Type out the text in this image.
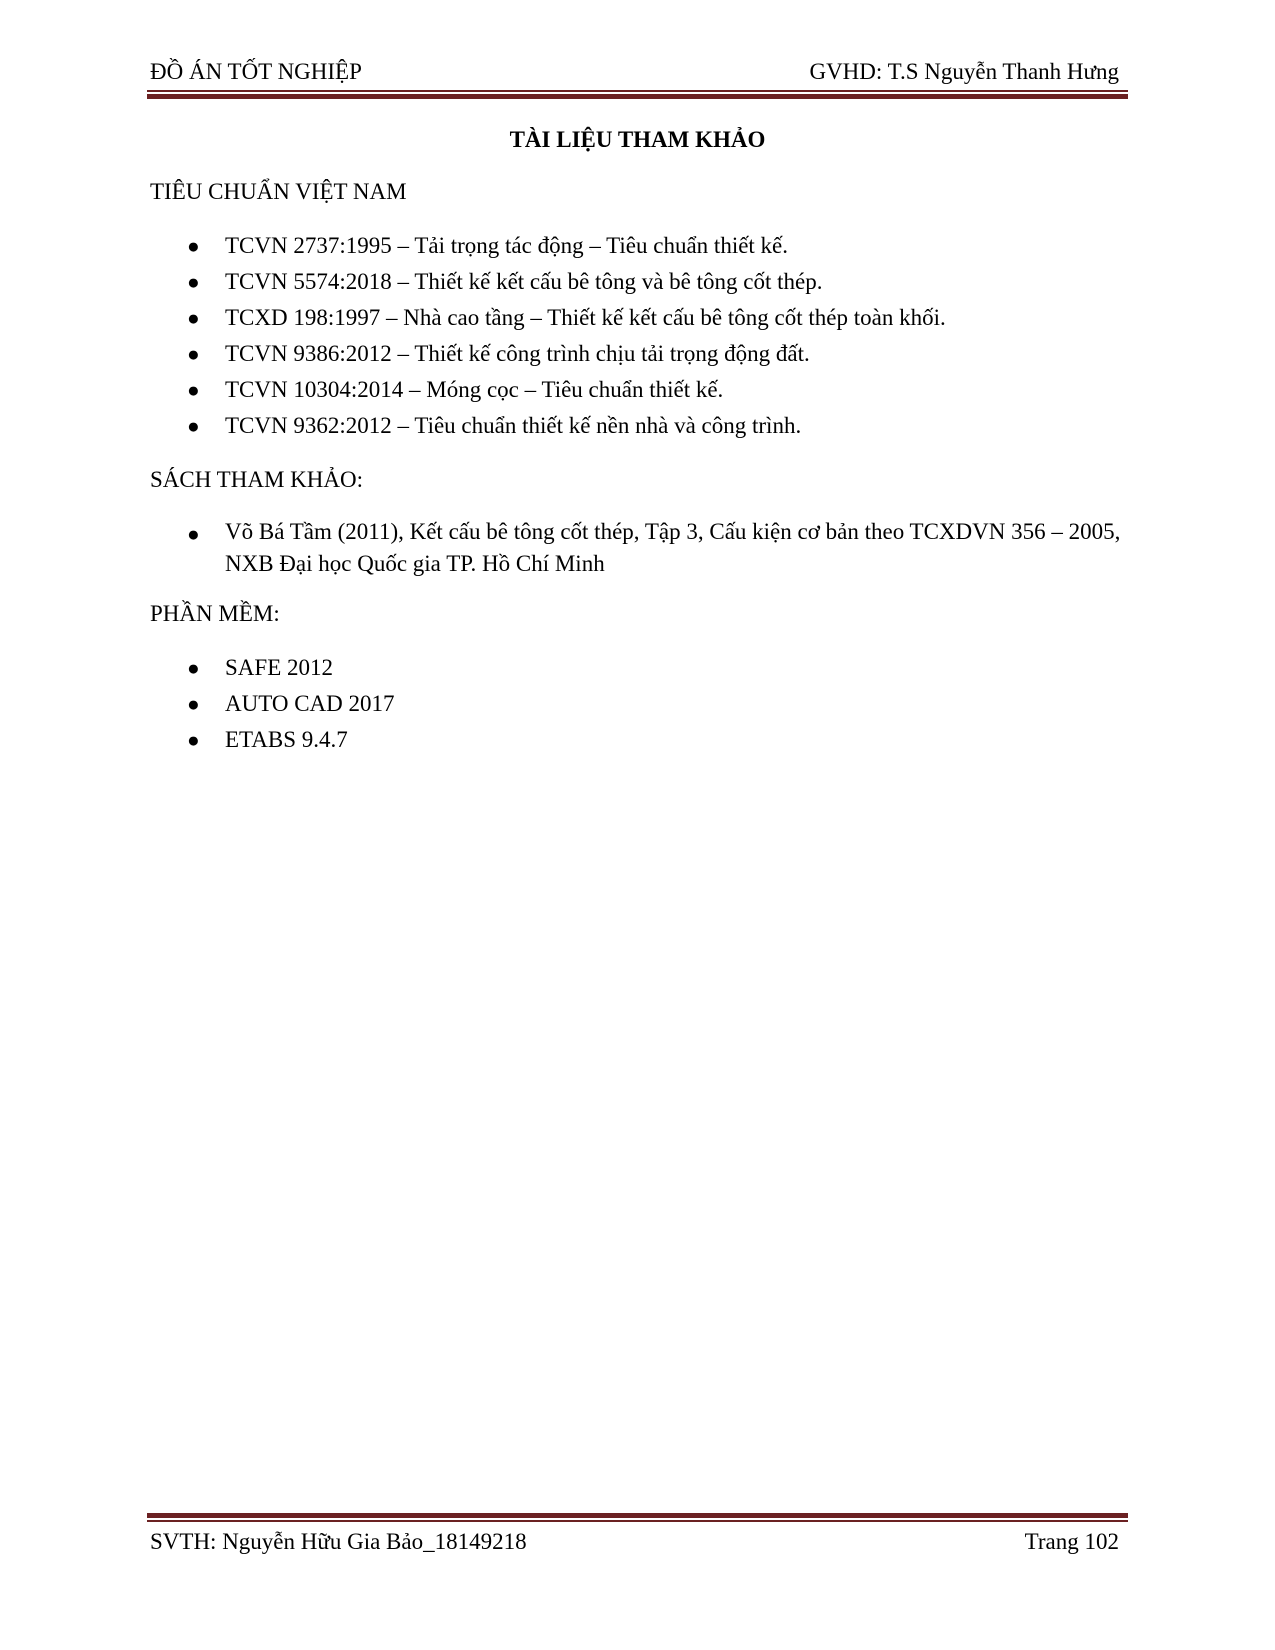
ĐỒ ÁN TỐT NGHIỆP	GVHD: T.S Nguyễn Thanh Hưng
TÀI LIỆU THAM KHẢO
TIÊU CHUẨN VIỆT NAM
●	TCVN 2737:1995 – Tải trọng tác động – Tiêu chuẩn thiết kế.
●	TCVN 5574:2018 – Thiết kế kết cấu bê tông và bê tông cốt thép.
●	TCXD 198:1997 – Nhà cao tầng – Thiết kế kết cấu bê tông cốt thép toàn khối.
●	TCVN 9386:2012 – Thiết kế công trình chịu tải trọng động đất.
●	TCVN 10304:2014 – Móng cọc – Tiêu chuẩn thiết kế.
●	TCVN 9362:2012 – Tiêu chuẩn thiết kế nền nhà và công trình.
SÁCH THAM KHẢO:
●	Võ Bá Tầm (2011), Kết cấu bê tông cốt thép, Tập 3, Cấu kiện cơ bản theo TCXDVN 356 – 2005, NXB Đại học Quốc gia TP. Hồ Chí Minh
PHẦN MỀM:
●	SAFE 2012
●	AUTO CAD 2017
●	ETABS 9.4.7
SVTH: Nguyễn Hữu Gia Bảo_18149218	Trang 102
